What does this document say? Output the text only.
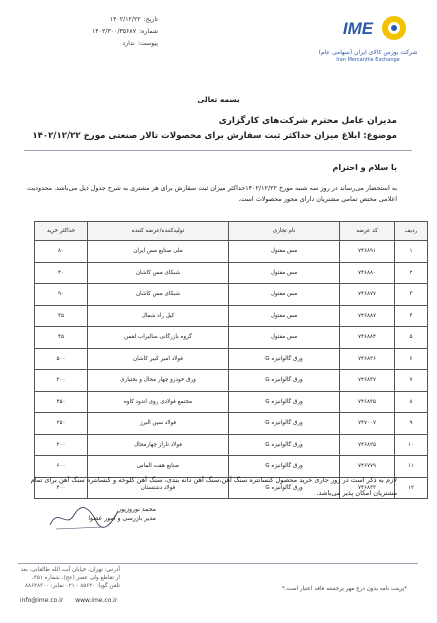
تاریخ:۱۴۰۲/۱۲/۲۲
شماره:۱۴۰۲/۳۰۰/۳۵۶۸۷
پیوست:ندارد
IME
شرکت بورس کالای ایران (سهامی عام)
Iran Mercantile Exchange
بسمه تعالی
مدیران عامل محترم شرکت‌های کارگزاری
موضوع: ابلاغ میزان حداکثر ثبت سفارش برای محصولات تالار صنعتی مورخ ۱۴۰۲/۱۲/۲۲
با سلام و احترام
به استحضار می‌رساند در روز سه شنبه مورخ ۱۴۰۲/۱۲/۲۲حداکثر میزان ثبت سفارش برای هر مشتری به شرح جدول ذیل می‌باشد. محدودیت اعلامی مختص تمامی مشتریان دارای مجوز محصولات است.
ردیف	کد عرضه	نام تجاری	تولیدکننده/عرضه کننده	حداکثر خرید
۱	۷۴۶۸۹۱	مس مفتول	ملی صنایع مس ایران	۸۰
۲	۷۴۶۸۸۰	مس مفتول	شبکای مس کاشان	۴۰
۳	۷۴۶۸۷۷	مس مفتول	شبکای مس کاشان	۹۰
۴	۷۴۶۸۸۷	مس مفتول	کیل راد شمال	۴۵
۵	۷۴۶۸۸۴	مس مفتول	گروه بازرگانی سالیراب لقمن	۴۵
۶	۷۴۶۸۳۶	ورق گالوانیزه G	فولاد امیر کبیر کاشان	۵۰۰
۷	۷۴۶۸۳۷	ورق گالوانیزه G	ورق خودرو چهار محال و بختیاری	۲۰۰
۸	۷۴۶۸۳۵	ورق گالوانیزه G	مجتمع فولادی روی اندود کاوه	۴۵۰
۹	۷۴۷۰۰۷	ورق گالوانیزه G	فولاد سپن البرز	۲۵۰
۱۰	۷۴۶۸۳۵	ورق گالوانیزه G	فولاد تاراز چهارمحال	۲۰۰
۱۱	۷۴۶۷۷۹	ورق گالوانیزه G	صنایع هفت الماس	۶۰۰
۱۲	۷۴۶۸۳۳	ورق گالوانیزه G	فولاد دشتستان	۴۰۰
لازم به ذکر است در روز جاری خرید محصول کنسانتره سنگ آهن،سنگ آهن دانه بندی، سنگ آهن کلوخه و کنسانتره سنگ آهن برای تمام مشتریان امکان پذیر می‌باشد.
محمد نوروزپور
مدیر بازرسی و امور عضوا
آدرس: تهران، خیابان آیت الله طالقانی، بعد از تقاطع ولی عصر (عج)، شماره ۳۵۱، تلفن گویا: ۸۵۶۴۰ - ۰۲۱ نمابر: ۸۸۶۴۸۳۰۰
info@ime.co.ir www.ime.co.ir
*پرینت نامه بدون درج مهر برجسته فاقد اعتبار است.*
